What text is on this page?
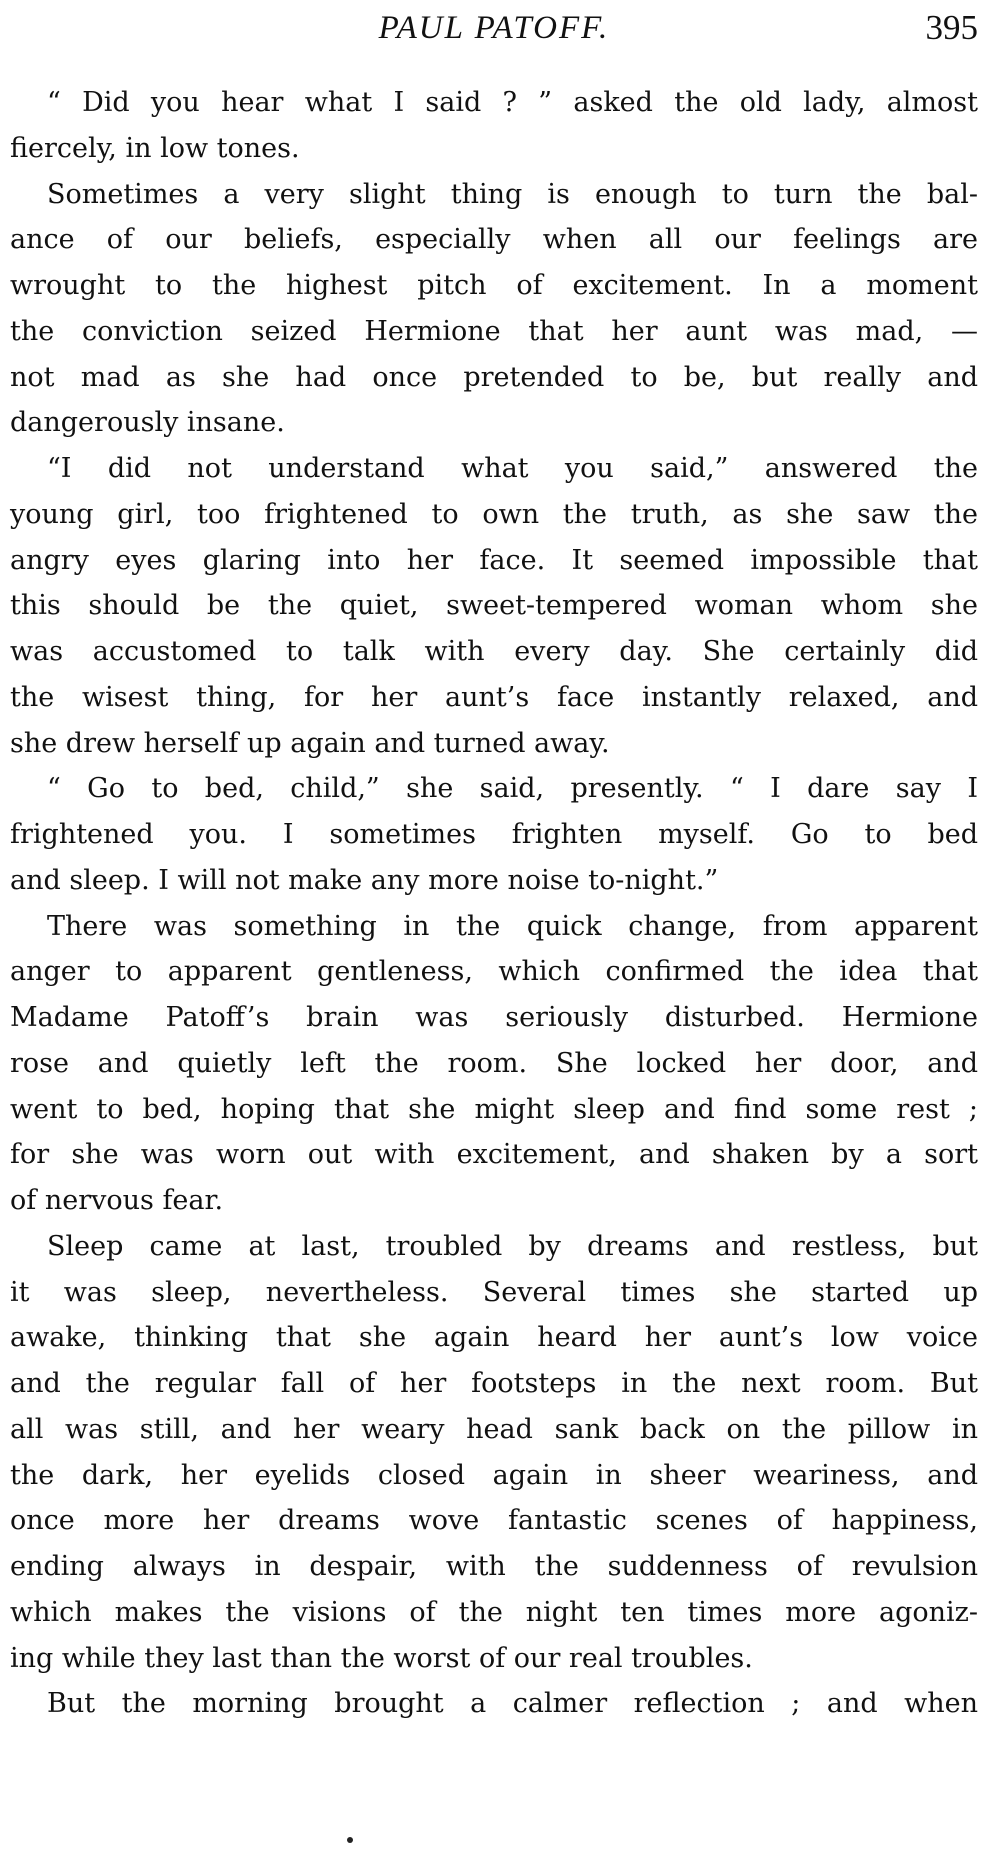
PAUL PATOFF.	395
“ Did you hear what I said ? ” asked the old lady, almost
fiercely, in low tones.
Sometimes a very slight thing is enough to turn the bal-
ance of our beliefs, especially when all our feelings are
wrought to the highest pitch of excitement. In a moment
the conviction seized Hermione that her aunt was mad, —
not mad as she had once pretended to be, but really and
dangerously insane.
“I did not understand what you said,” answered the
young girl, too frightened to own the truth, as she saw the
angry eyes glaring into her face. It seemed impossible that
this should be the quiet, sweet-tempered woman whom she
was accustomed to talk with every day. She certainly did
the wisest thing, for her aunt’s face instantly relaxed, and
she drew herself up again and turned away.
“ Go to bed, child,” she said, presently. “ I dare say I
frightened you. I sometimes frighten myself. Go to bed
and sleep. I will not make any more noise to-night.”
There was something in the quick change, from apparent
anger to apparent gentleness, which confirmed the idea that
Madame Patoff’s brain was seriously disturbed. Hermione
rose and quietly left the room. She locked her door, and
went to bed, hoping that she might sleep and find some rest ;
for she was worn out with excitement, and shaken by a sort
of nervous fear.
Sleep came at last, troubled by dreams and restless, but
it was sleep, nevertheless. Several times she started up
awake, thinking that she again heard her aunt’s low voice
and the regular fall of her footsteps in the next room. But
all was still, and her weary head sank back on the pillow in
the dark, her eyelids closed again in sheer weariness, and
once more her dreams wove fantastic scenes of happiness,
ending always in despair, with the suddenness of revulsion
which makes the visions of the night ten times more agoniz-
ing while they last than the worst of our real troubles.
But the morning brought a calmer reflection ; and when
